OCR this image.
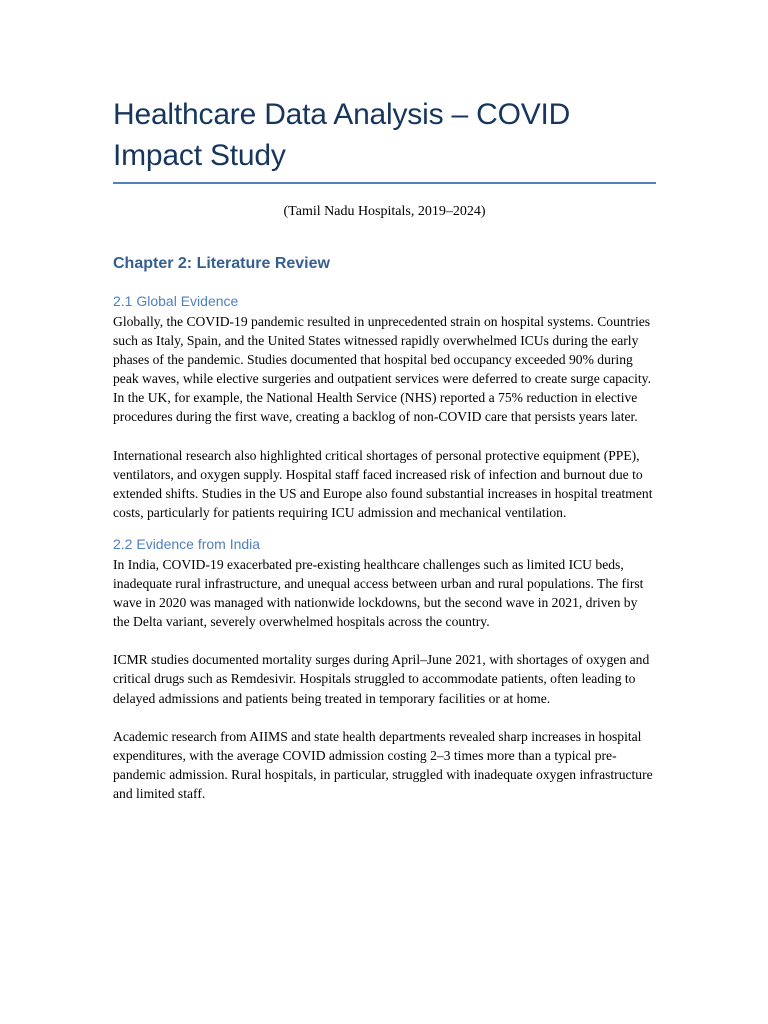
Healthcare Data Analysis – COVID Impact Study

(Tamil Nadu Hospitals, 2019–2024)

Chapter 2: Literature Review
2.1 Global Evidence

Globally, the COVID-19 pandemic resulted in unprecedented strain on hospital systems. Countries such as Italy, Spain, and the United States witnessed rapidly overwhelmed ICUs during the early phases of the pandemic. Studies documented that hospital bed occupancy exceeded 90% during peak waves, while elective surgeries and outpatient services were deferred to create surge capacity. In the UK, for example, the National Health Service (NHS) reported a 75% reduction in elective procedures during the first wave, creating a backlog of non-COVID care that persists years later.

International research also highlighted critical shortages of personal protective equipment (PPE), ventilators, and oxygen supply. Hospital staff faced increased risk of infection and burnout due to extended shifts. Studies in the US and Europe also found substantial increases in hospital treatment costs, particularly for patients requiring ICU admission and mechanical ventilation.

2.2 Evidence from India

In India, COVID-19 exacerbated pre-existing healthcare challenges such as limited ICU beds, inadequate rural infrastructure, and unequal access between urban and rural populations. The first wave in 2020 was managed with nationwide lockdowns, but the second wave in 2021, driven by the Delta variant, severely overwhelmed hospitals across the country.

ICMR studies documented mortality surges during April–June 2021, with shortages of oxygen and critical drugs such as Remdesivir. Hospitals struggled to accommodate patients, often leading to delayed admissions and patients being treated in temporary facilities or at home.

Academic research from AIIMS and state health departments revealed sharp increases in hospital expenditures, with the average COVID admission costing 2–3 times more than a typical pre-pandemic admission. Rural hospitals, in particular, struggled with inadequate oxygen infrastructure and limited staff.
